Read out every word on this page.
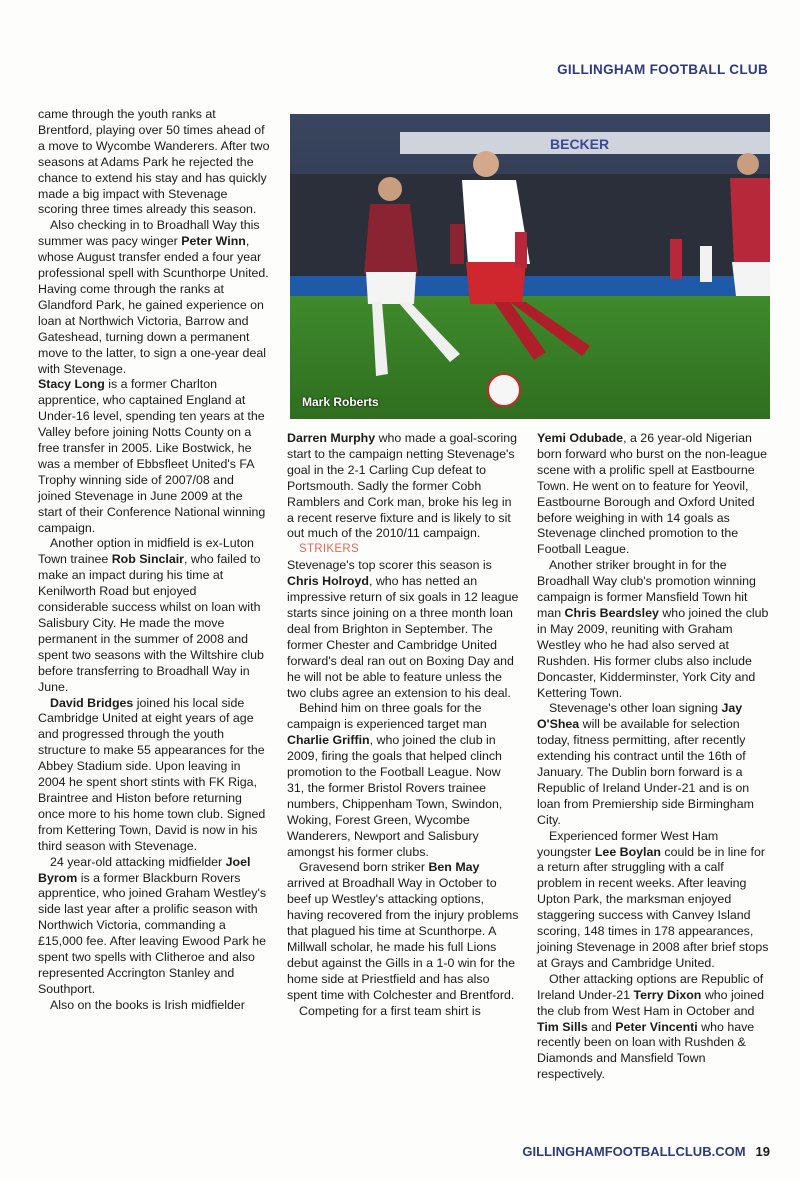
GILLINGHAM FOOTBALL CLUB
BECKER
Mark Roberts

came through the youth ranks at Brentford, playing over 50 times ahead of a move to Wycombe Wanderers. After two seasons at Adams Park he rejected the chance to extend his stay and has quickly made a big impact with Stevenage scoring three times already this season.

Also checking in to Broadhall Way this summer was pacy winger Peter Winn, whose August transfer ended a four year professional spell with Scunthorpe United. Having come through the ranks at Glandford Park, he gained experience on loan at Northwich Victoria, Barrow and Gateshead, turning down a permanent move to the latter, to sign a one-year deal with Stevenage.

Stacy Long is a former Charlton apprentice, who captained England at Under-16 level, spending ten years at the Valley before joining Notts County on a free transfer in 2005. Like Bostwick, he was a member of Ebbsfleet United's FA Trophy winning side of 2007/08 and joined Stevenage in June 2009 at the start of their Conference National winning campaign.

Another option in midfield is ex-Luton Town trainee Rob Sinclair, who failed to make an impact during his time at Kenilworth Road but enjoyed considerable success whilst on loan with Salisbury City. He made the move permanent in the summer of 2008 and spent two seasons with the Wiltshire club before transferring to Broadhall Way in June.

David Bridges joined his local side Cambridge United at eight years of age and progressed through the youth structure to make 55 appearances for the Abbey Stadium side. Upon leaving in 2004 he spent short stints with FK Riga, Braintree and Histon before returning once more to his home town club. Signed from Kettering Town, David is now in his third season with Stevenage.

24 year-old attacking midfielder Joel Byrom is a former Blackburn Rovers apprentice, who joined Graham Westley's side last year after a prolific season with Northwich Victoria, commanding a £15,000 fee. After leaving Ewood Park he spent two spells with Clitheroe and also represented Accrington Stanley and Southport.

Also on the books is Irish midfielder

Darren Murphy who made a goal-scoring start to the campaign netting Stevenage's goal in the 2-1 Carling Cup defeat to Portsmouth. Sadly the former Cobh Ramblers and Cork man, broke his leg in a recent reserve fixture and is likely to sit out much of the 2010/11 campaign.

STRIKERS

Stevenage's top scorer this season is Chris Holroyd, who has netted an impressive return of six goals in 12 league starts since joining on a three month loan deal from Brighton in September. The former Chester and Cambridge United forward's deal ran out on Boxing Day and he will not be able to feature unless the two clubs agree an extension to his deal.

Behind him on three goals for the campaign is experienced target man Charlie Griffin, who joined the club in 2009, firing the goals that helped clinch promotion to the Football League. Now 31, the former Bristol Rovers trainee numbers, Chippenham Town, Swindon, Woking, Forest Green, Wycombe Wanderers, Newport and Salisbury amongst his former clubs.

Gravesend born striker Ben May arrived at Broadhall Way in October to beef up Westley's attacking options, having recovered from the injury problems that plagued his time at Scunthorpe. A Millwall scholar, he made his full Lions debut against the Gills in a 1-0 win for the home side at Priestfield and has also spent time with Colchester and Brentford.

Competing for a first team shirt is

Yemi Odubade, a 26 year-old Nigerian born forward who burst on the non-league scene with a prolific spell at Eastbourne Town. He went on to feature for Yeovil, Eastbourne Borough and Oxford United before weighing in with 14 goals as Stevenage clinched promotion to the Football League.

Another striker brought in for the Broadhall Way club's promotion winning campaign is former Mansfield Town hit man Chris Beardsley who joined the club in May 2009, reuniting with Graham Westley who he had also served at Rushden. His former clubs also include Doncaster, Kidderminster, York City and Kettering Town.

Stevenage's other loan signing Jay O'Shea will be available for selection today, fitness permitting, after recently extending his contract until the 16th of January. The Dublin born forward is a Republic of Ireland Under-21 and is on loan from Premiership side Birmingham City.

Experienced former West Ham youngster Lee Boylan could be in line for a return after struggling with a calf problem in recent weeks. After leaving Upton Park, the marksman enjoyed staggering success with Canvey Island scoring, 148 times in 178 appearances, joining Stevenage in 2008 after brief stops at Grays and Cambridge United.

Other attacking options are Republic of Ireland Under-21 Terry Dixon who joined the club from West Ham in October and Tim Sills and Peter Vincenti who have recently been on loan with Rushden & Diamonds and Mansfield Town respectively.

GILLINGHAMFOOTBALLCLUB.COM 19
